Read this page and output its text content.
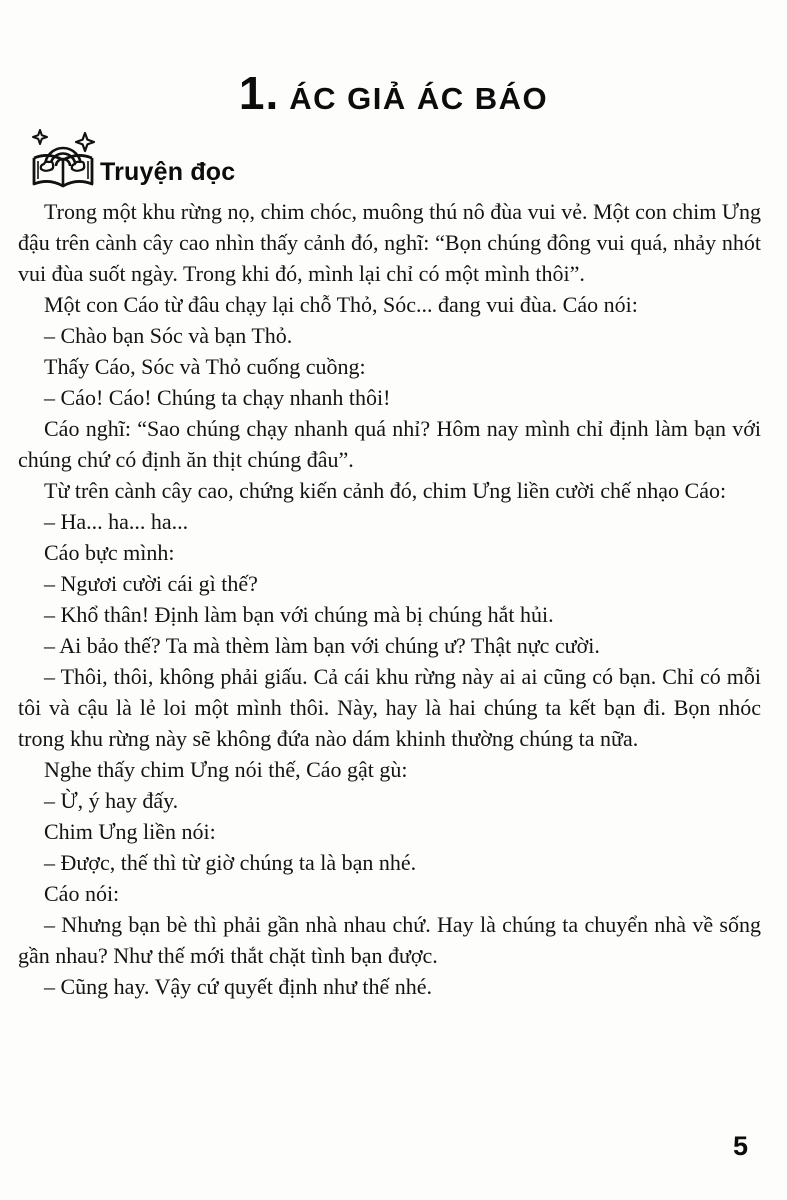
1. ÁC GIẢ ÁC BÁO
Truyện đọc

Trong một khu rừng nọ, chim chóc, muông thú nô đùa vui vẻ. Một con chim Ưng đậu trên cành cây cao nhìn thấy cảnh đó, nghĩ: “Bọn chúng đông vui quá, nhảy nhót vui đùa suốt ngày. Trong khi đó, mình lại chỉ có một mình thôi”.

Một con Cáo từ đâu chạy lại chỗ Thỏ, Sóc... đang vui đùa. Cáo nói:

– Chào bạn Sóc và bạn Thỏ.

Thấy Cáo, Sóc và Thỏ cuống cuồng:

– Cáo! Cáo! Chúng ta chạy nhanh thôi!

Cáo nghĩ: “Sao chúng chạy nhanh quá nhỉ? Hôm nay mình chỉ định làm bạn với chúng chứ có định ăn thịt chúng đâu”.

Từ trên cành cây cao, chứng kiến cảnh đó, chim Ưng liền cười chế nhạo Cáo:

– Ha... ha... ha...

Cáo bực mình:

– Ngươi cười cái gì thế?

– Khổ thân! Định làm bạn với chúng mà bị chúng hắt hủi.

– Ai bảo thế? Ta mà thèm làm bạn với chúng ư? Thật nực cười.

– Thôi, thôi, không phải giấu. Cả cái khu rừng này ai ai cũng có bạn. Chỉ có mỗi tôi và cậu là lẻ loi một mình thôi. Này, hay là hai chúng ta kết bạn đi. Bọn nhóc trong khu rừng này sẽ không đứa nào dám khinh thường chúng ta nữa.

Nghe thấy chim Ưng nói thế, Cáo gật gù:

– Ừ, ý hay đấy.

Chim Ưng liền nói:

– Được, thế thì từ giờ chúng ta là bạn nhé.

Cáo nói:

– Nhưng bạn bè thì phải gần nhà nhau chứ. Hay là chúng ta chuyển nhà về sống gần nhau? Như thế mới thắt chặt tình bạn được.

– Cũng hay. Vậy cứ quyết định như thế nhé.

5
